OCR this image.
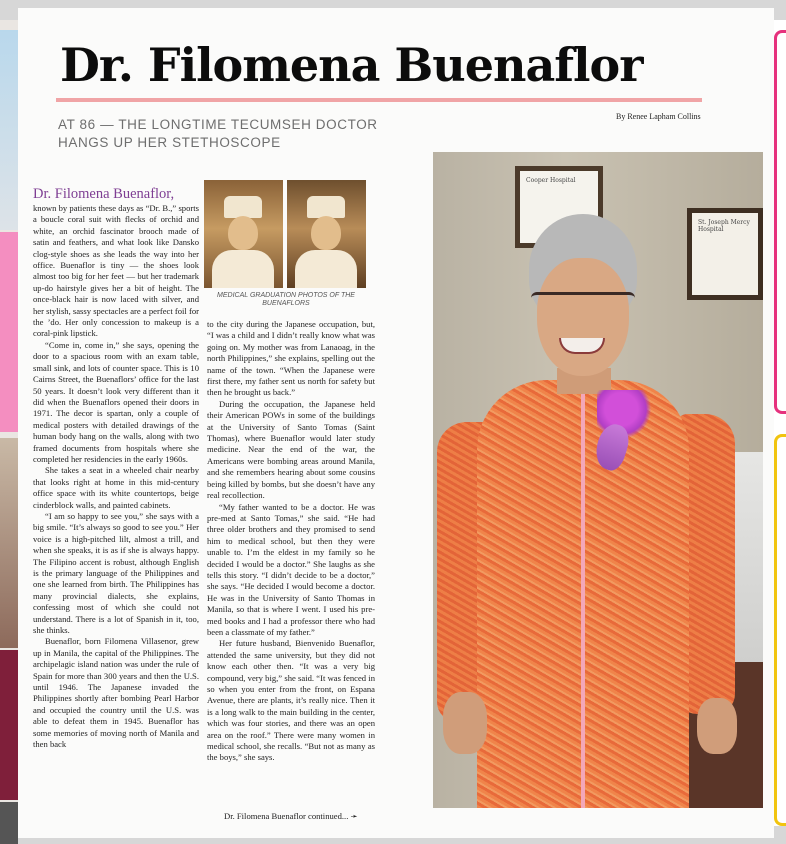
Dr. Filomena Buenaflor
AT 86 — THE LONGTIME TECUMSEH DOCTOR HANGS UP HER STETHOSCOPE
By Renee Lapham Collins
Dr. Filomena Buenaflor,

known by patients these days as “Dr. B.,” sports a boucle coral suit with flecks of orchid and white, an orchid fascinator brooch made of satin and feathers, and what look like Dansko clog-style shoes as she leads the way into her office. Buenaflor is tiny — the shoes look almost too big for her feet — but her trademark up-do hairstyle gives her a bit of height. The once-black hair is now laced with silver, and her stylish, sassy spectacles are a perfect foil for the ’do. Her only concession to makeup is a coral-pink lipstick.

“Come in, come in,” she says, opening the door to a spacious room with an exam table, small sink, and lots of counter space. This is 10 Cairns Street, the Buenaflors’ office for the last 50 years. It doesn’t look very different than it did when the Buenaflors opened their doors in 1971. The decor is spartan, only a couple of medical posters with detailed drawings of the human body hang on the walls, along with two framed documents from hospitals where she completed her residencies in the early 1960s.

She takes a seat in a wheeled chair nearby that looks right at home in this mid-century office space with its white countertops, beige cinderblock walls, and painted cabinets.

“I am so happy to see you,” she says with a big smile. “It’s always so good to see you.” Her voice is a high-pitched lilt, almost a trill, and when she speaks, it is as if she is always happy. The Filipino accent is robust, although English is the primary language of the Philippines and one she learned from birth. The Philippines has many provincial dialects, she explains, confessing most of which she could not understand. There is a lot of Spanish in it, too, she thinks.

Buenaflor, born Filomena Villasenor, grew up in Manila, the capital of the Philippines. The archipelagic island nation was under the rule of Spain for more than 300 years and then the U.S. until 1946. The Japanese invaded the Philippines shortly after bombing Pearl Harbor and occupied the country until the U.S. was able to defeat them in 1945. Buenaflor has some memories of moving north of Manila and then back

MEDICAL GRADUATION PHOTOS OF THE BUENAFLORS

to the city during the Japanese occupation, but, “I was a child and I didn’t really know what was going on. My mother was from Lanaoag, in the north Philippines,” she explains, spelling out the name of the town. “When the Japanese were first there, my father sent us north for safety but then he brought us back.”

During the occupation, the Japanese held their American POWs in some of the buildings at the University of Santo Tomas (Saint Thomas), where Buenaflor would later study medicine. Near the end of the war, the Americans were bombing areas around Manila, and she remembers hearing about some cousins being killed by bombs, but she doesn’t have any real recollection.

“My father wanted to be a doctor. He was pre-med at Santo Tomas,” she said. “He had three older brothers and they promised to send him to medical school, but then they were unable to. I’m the eldest in my family so he decided I would be a doctor.” She laughs as she tells this story. “I didn’t decide to be a doctor,” she says. “He decided I would become a doctor. He was in the University of Santo Thomas in Manila, so that is where I went. I used his pre-med books and I had a professor there who had been a classmate of my father.”

Her future husband, Bienvenido Buenaflor, attended the same university, but they did not know each other then. “It was a very big compound, very big,” she said. “It was fenced in so when you enter from the front, on Espana Avenue, there are plants, it’s really nice. Then it is a long walk to the main building in the center, which was four stories, and there was an open area on the roof.” There were many women in medical school, she recalls. “But not as many as the boys,” she says.

Dr. Filomena Buenaflor continued... ➛
Cooper Hospital
St. Joseph Mercy Hospital
